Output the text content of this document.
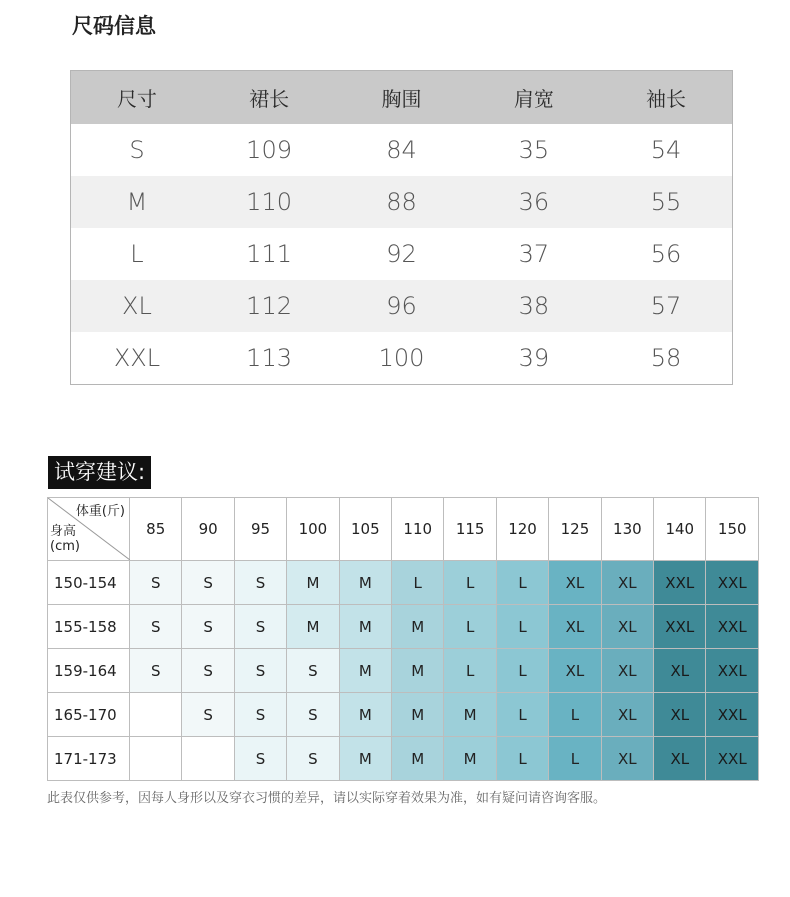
尺码信息
尺寸	裙长	胸围	肩宽	袖长
S	109	84	35	54
M	110	88	36	55
L	111	92	37	56
XL	112	96	38	57
XXL	113	100	39	58
试穿建议:
体重(斤)
身高
(cm)	85	90	95	100	105	110	115	120	125	130	140	150
150-154	S	S	S	M	M	L	L	L	XL	XL	XXL	XXL
155-158	S	S	S	M	M	M	L	L	XL	XL	XXL	XXL
159-164	S	S	S	S	M	M	L	L	XL	XL	XL	XXL
165-170		S	S	S	M	M	M	L	L	XL	XL	XXL
171-173			S	S	M	M	M	L	L	XL	XL	XXL
此表仅供参考，因每人身形以及穿衣习惯的差异，请以实际穿着效果为准，如有疑问请咨询客服。
